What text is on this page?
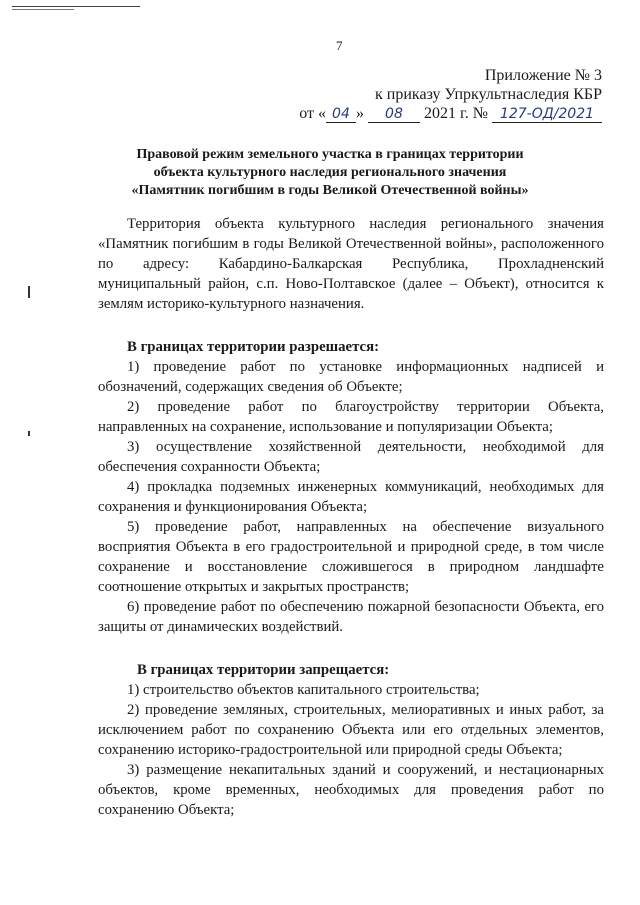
7
Приложение № 3
к приказу Упркультнаследия КБР
от « 04 » 08 2021 г. № 127-ОД/2021
Правовой режим земельного участка в границах территории
объекта культурного наследия регионального значения
«Памятник погибшим в годы Великой Отечественной войны»

Территория объекта культурного наследия регионального значения «Памятник погибшим в годы Великой Отечественной войны», расположенного по адресу: Кабардино-Балкарская Республика, Прохладненский муниципальный район, с.п. Ново-Полтавское (далее – Объект), относится к землям историко-культурного назначения.

В границах территории разрешается:

1) проведение работ по установке информационных надписей и обозначений, содержащих сведения об Объекте;

2) проведение работ по благоустройству территории Объекта, направленных на сохранение, использование и популяризации Объекта;

3) осуществление хозяйственной деятельности, необходимой для обеспечения сохранности Объекта;

4) прокладка подземных инженерных коммуникаций, необходимых для сохранения и функционирования Объекта;

5) проведение работ, направленных на обеспечение визуального восприятия Объекта в его градостроительной и природной среде, в том числе сохранение и восстановление сложившегося в природном ландшафте соотношение открытых и закрытых пространств;

6) проведение работ по обеспечению пожарной безопасности Объекта, его защиты от динамических воздействий.

В границах территории запрещается:

1) строительство объектов капитального строительства;

2) проведение земляных, строительных, мелиоративных и иных работ, за исключением работ по сохранению Объекта или его отдельных элементов, сохранению историко-градостроительной или природной среды Объекта;

3) размещение некапитальных зданий и сооружений, и нестационарных объектов, кроме временных, необходимых для проведения работ по сохранению Объекта;
